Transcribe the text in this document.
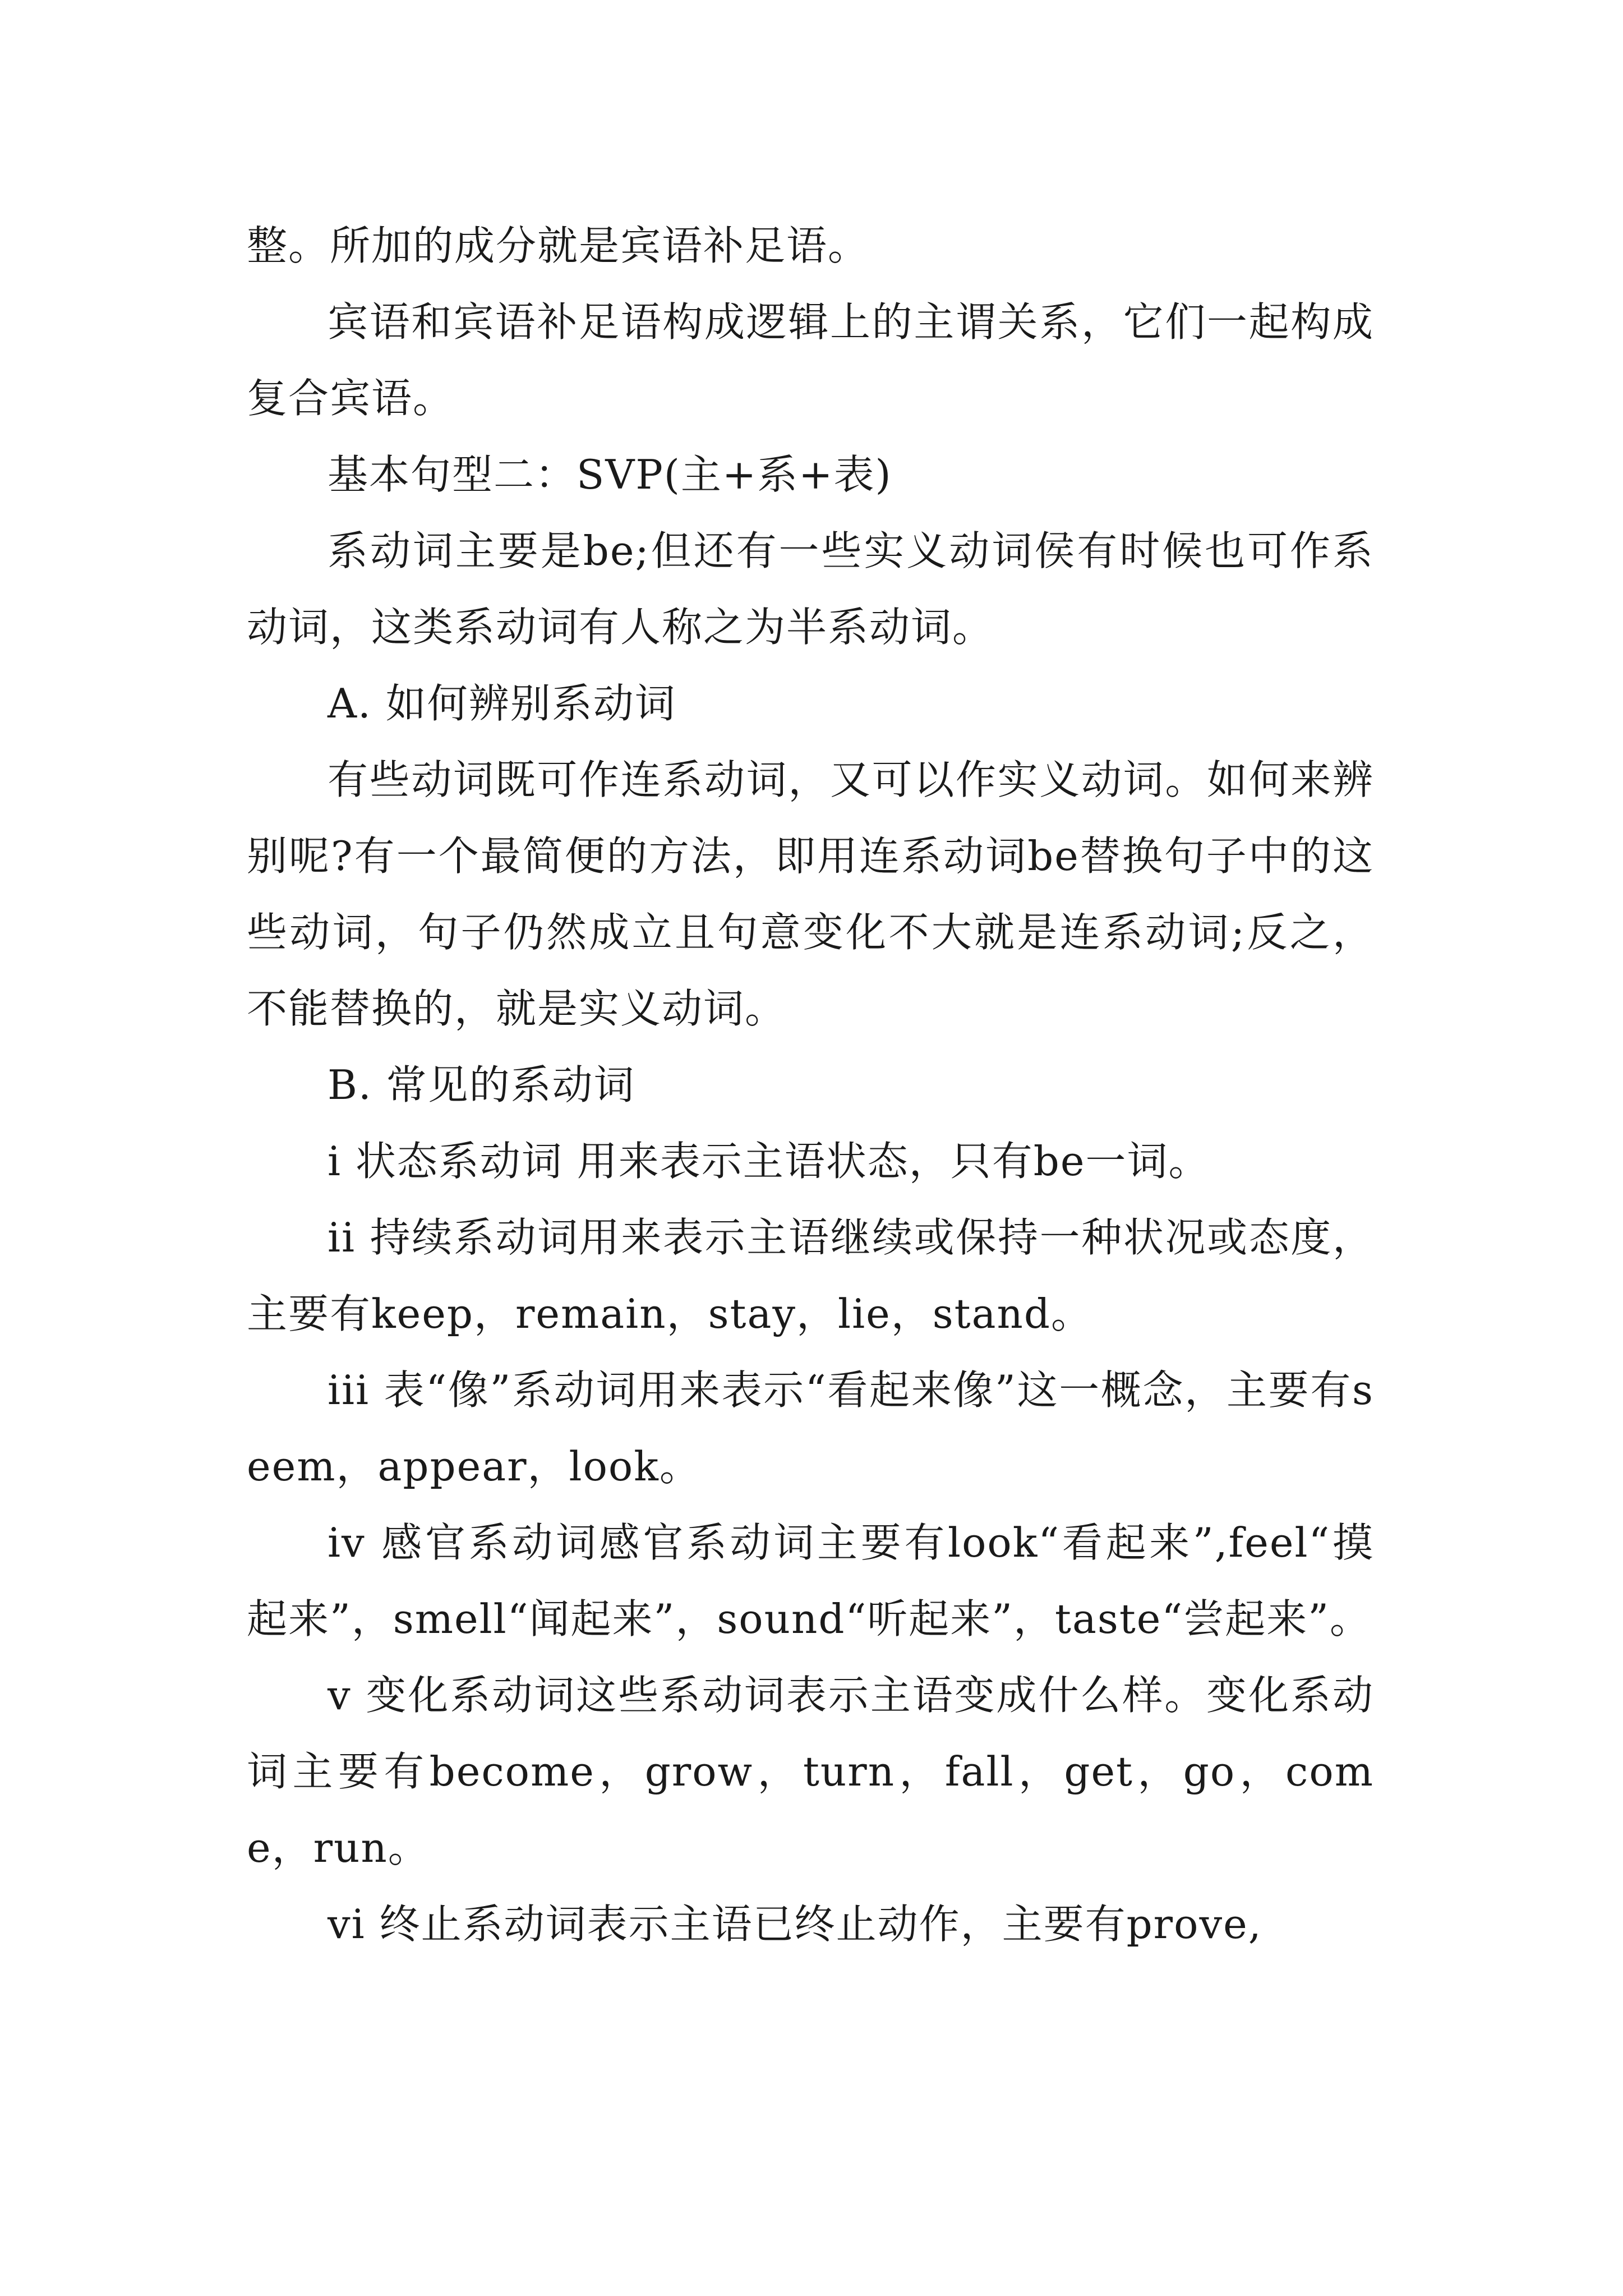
整。所加的成分就是宾语补足语。

宾语和宾语补足语构成逻辑上的主谓关系，它们一起构成复合宾语。

基本句型二：SVP(主+系+表)

系动词主要是be;但还有一些实义动词侯有时候也可作系动词，这类系动词有人称之为半系动词。

A. 如何辨别系动词

有些动词既可作连系动词，又可以作实义动词。如何来辨别呢?有一个最简便的方法，即用连系动词be替换句子中的这些动词，句子仍然成立且句意变化不大就是连系动词;反之，不能替换的，就是实义动词。

B. 常见的系动词

i 状态系动词 用来表示主语状态，只有be一词。

ii 持续系动词用来表示主语继续或保持一种状况或态度，主要有keep，remain，stay，lie，stand。

iii 表“像”系动词用来表示“看起来像”这一概念，主要有seem，appear，look。

iv 感官系动词感官系动词主要有look“看起来”,feel“摸起来”，smell“闻起来”，sound“听起来”，taste“尝起来”。

v 变化系动词这些系动词表示主语变成什么样。变化系动词主要有become，grow，turn，fall，get，go，come，run。

vi 终止系动词表示主语已终止动作，主要有prove,
